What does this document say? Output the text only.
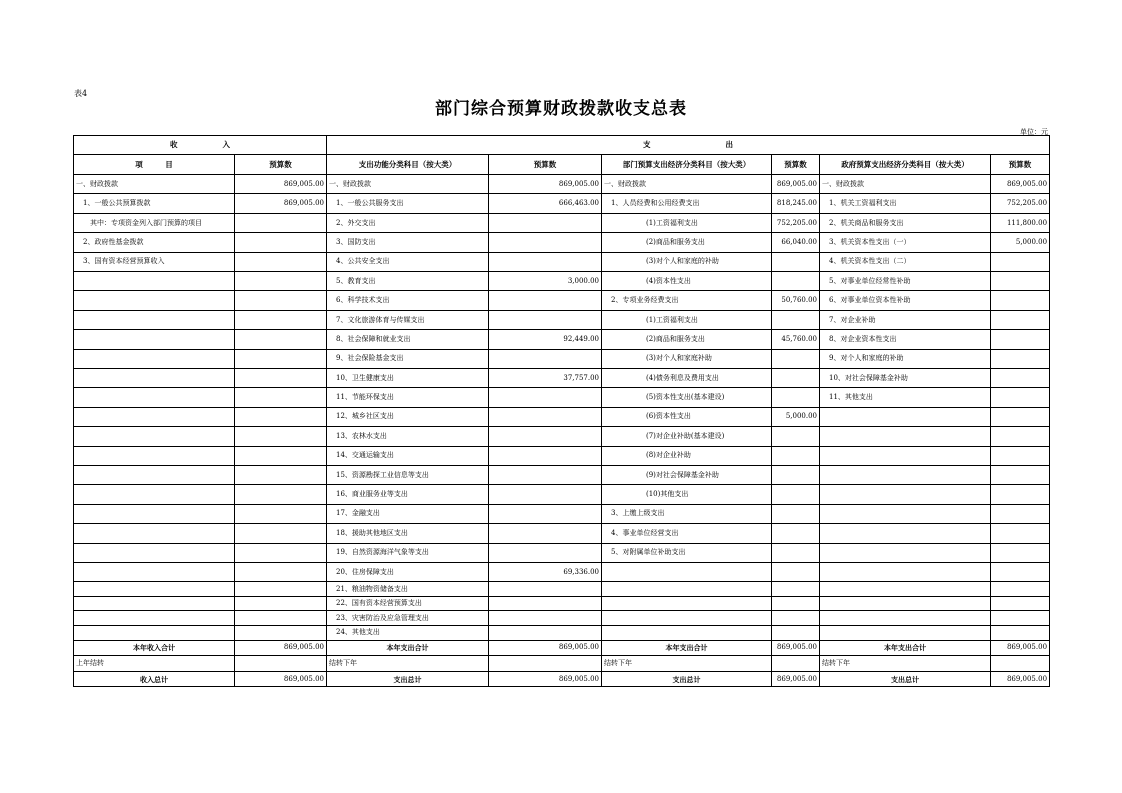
表4
部门综合预算财政拨款收支总表
单位：元
收　　　　　　入		支　　　　　　　　　　出					
项　　　目	预算数	支出功能分类科目（按大类）	预算数	部门预算支出经济分类科目（按大类）	预算数	政府预算支出经济分类科目（按大类）	预算数
一、财政拨款	869,005.00	一、财政拨款	869,005.00	一、财政拨款	869,005.00	一、财政拨款	869,005.00
　1、一般公共预算拨款	869,005.00	　1、一般公共服务支出	666,463.00	　1、人员经费和公用经费支出	818,245.00	　1、机关工资福利支出	752,205.00
　　其中：专项资金列入部门预算的项目		　2、外交支出		　　　　　　(1)工资福利支出	752,205.00	　2、机关商品和服务支出	111,800.00
　2、政府性基金拨款		　3、国防支出		　　　　　　(2)商品和服务支出	66,040.00	　3、机关资本性支出（一）	5,000.00
　3、国有资本经营预算收入		　4、公共安全支出		　　　　　　(3)对个人和家庭的补助		　4、机关资本性支出（二）	
		　5、教育支出	3,000.00	　　　　　　(4)资本性支出		　5、对事业单位经常性补助	
		　6、科学技术支出		　2、专项业务经费支出	50,760.00	　6、对事业单位资本性补助	
		　7、文化旅游体育与传媒支出		　　　　　　(1)工资福利支出		　7、对企业补助	
		　8、社会保障和就业支出	92,449.00	　　　　　　(2)商品和服务支出	45,760.00	　8、对企业资本性支出	
		　9、社会保险基金支出		　　　　　　(3)对个人和家庭补助		　9、对个人和家庭的补助	
		　10、卫生健康支出	37,757.00	　　　　　　(4)债务利息及费用支出		　10、对社会保障基金补助	
		　11、节能环保支出		　　　　　　(5)资本性支出(基本建设)		　11、其他支出	
		　12、城乡社区支出		　　　　　　(6)资本性支出	5,000.00		
		　13、农林水支出		　　　　　　(7)对企业补助(基本建设)			
		　14、交通运输支出		　　　　　　(8)对企业补助			
		　15、资源勘探工业信息等支出		　　　　　　(9)对社会保障基金补助			
		　16、商业服务业等支出		　　　　　　(10)其他支出			
		　17、金融支出		　3、上缴上级支出			
		　18、援助其他地区支出		　4、事业单位经营支出			
		　19、自然资源海洋气象等支出		　5、对附属单位补助支出			
		　20、住房保障支出	69,336.00				
		　21、粮油物资储备支出					
		　22、国有资本经营预算支出					
		　23、灾害防治及应急管理支出					
		　24、其他支出					
本年收入合计	869,005.00	本年支出合计	869,005.00	本年支出合计	869,005.00	本年支出合计	869,005.00
上年结转		结转下年		结转下年		结转下年	
收入总计	869,005.00	支出总计	869,005.00	支出总计	869,005.00	支出总计	869,005.00
